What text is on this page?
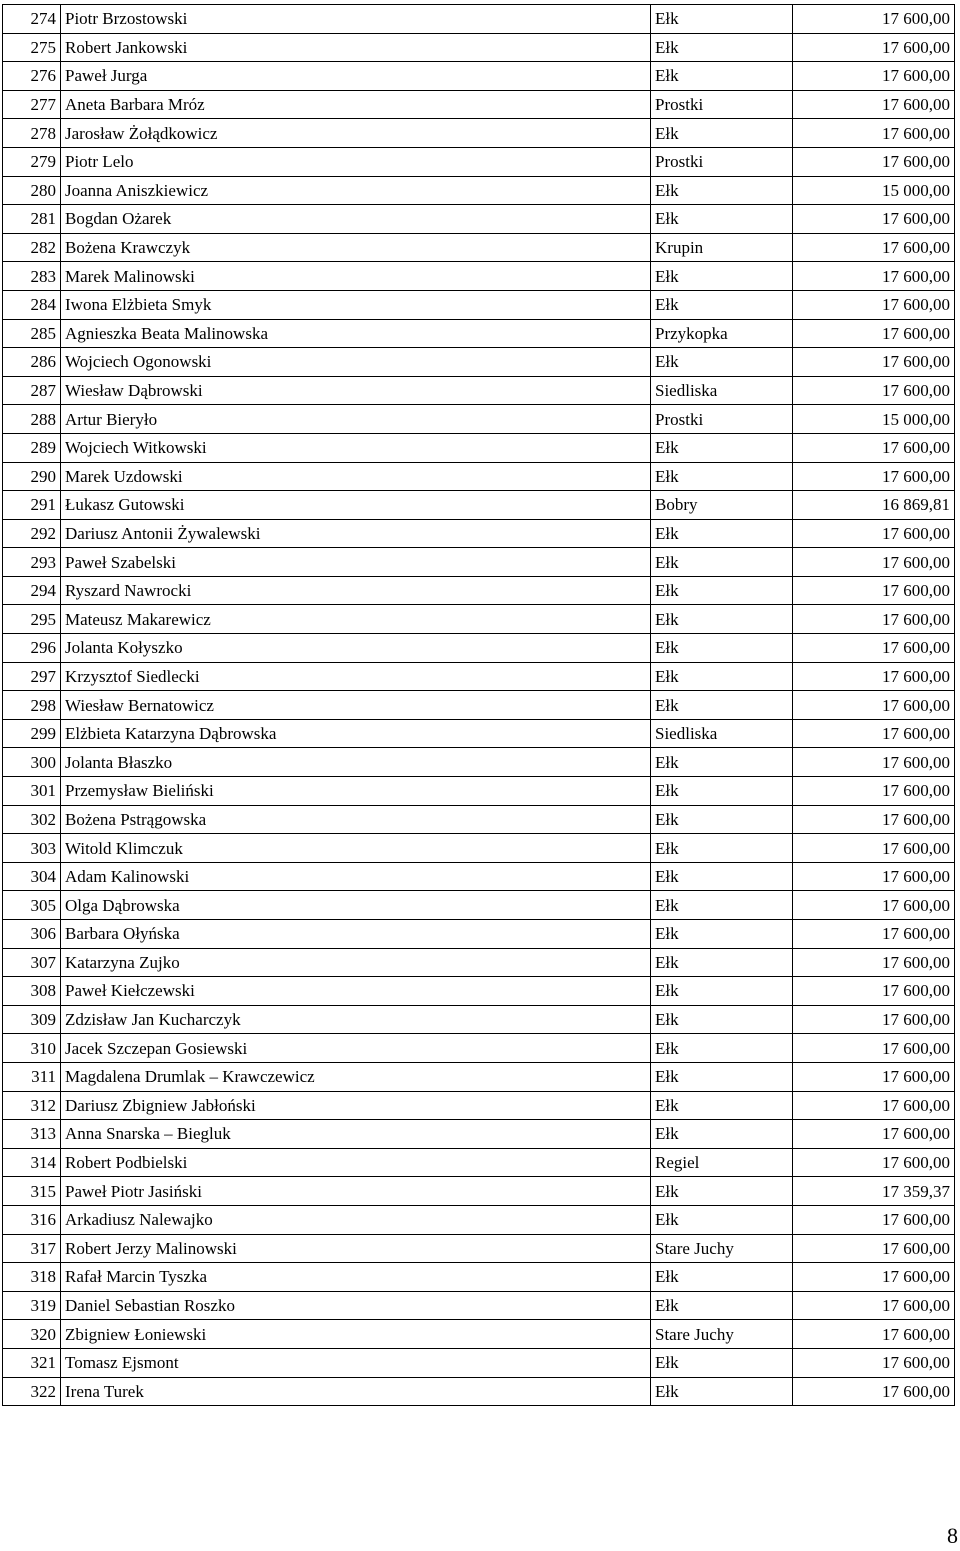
274	Piotr Brzostowski	Ełk	17 600,00
275	Robert Jankowski	Ełk	17 600,00
276	Paweł Jurga	Ełk	17 600,00
277	Aneta Barbara Mróz	Prostki	17 600,00
278	Jarosław Żołądkowicz	Ełk	17 600,00
279	Piotr Lelo	Prostki	17 600,00
280	Joanna Aniszkiewicz	Ełk	15 000,00
281	Bogdan Ożarek	Ełk	17 600,00
282	Bożena Krawczyk	Krupin	17 600,00
283	Marek Malinowski	Ełk	17 600,00
284	Iwona Elżbieta Smyk	Ełk	17 600,00
285	Agnieszka Beata Malinowska	Przykopka	17 600,00
286	Wojciech Ogonowski	Ełk	17 600,00
287	Wiesław Dąbrowski	Siedliska	17 600,00
288	Artur Bieryło	Prostki	15 000,00
289	Wojciech Witkowski	Ełk	17 600,00
290	Marek Uzdowski	Ełk	17 600,00
291	Łukasz Gutowski	Bobry	16 869,81
292	Dariusz Antonii Żywalewski	Ełk	17 600,00
293	Paweł Szabelski	Ełk	17 600,00
294	Ryszard Nawrocki	Ełk	17 600,00
295	Mateusz Makarewicz	Ełk	17 600,00
296	Jolanta Kołyszko	Ełk	17 600,00
297	Krzysztof Siedlecki	Ełk	17 600,00
298	Wiesław Bernatowicz	Ełk	17 600,00
299	Elżbieta Katarzyna Dąbrowska	Siedliska	17 600,00
300	Jolanta Błaszko	Ełk	17 600,00
301	Przemysław Bieliński	Ełk	17 600,00
302	Bożena Pstrągowska	Ełk	17 600,00
303	Witold Klimczuk	Ełk	17 600,00
304	Adam Kalinowski	Ełk	17 600,00
305	Olga Dąbrowska	Ełk	17 600,00
306	Barbara Ołyńska	Ełk	17 600,00
307	Katarzyna Zujko	Ełk	17 600,00
308	Paweł Kiełczewski	Ełk	17 600,00
309	Zdzisław Jan Kucharczyk	Ełk	17 600,00
310	Jacek Szczepan Gosiewski	Ełk	17 600,00
311	Magdalena Drumlak – Krawczewicz	Ełk	17 600,00
312	Dariusz Zbigniew Jabłoński	Ełk	17 600,00
313	Anna Snarska – Biegluk	Ełk	17 600,00
314	Robert Podbielski	Regiel	17 600,00
315	Paweł Piotr Jasiński	Ełk	17 359,37
316	Arkadiusz Nalewajko	Ełk	17 600,00
317	Robert Jerzy Malinowski	Stare Juchy	17 600,00
318	Rafał Marcin Tyszka	Ełk	17 600,00
319	Daniel Sebastian Roszko	Ełk	17 600,00
320	Zbigniew Łoniewski	Stare Juchy	17 600,00
321	Tomasz Ejsmont	Ełk	17 600,00
322	Irena Turek	Ełk	17 600,00
8
